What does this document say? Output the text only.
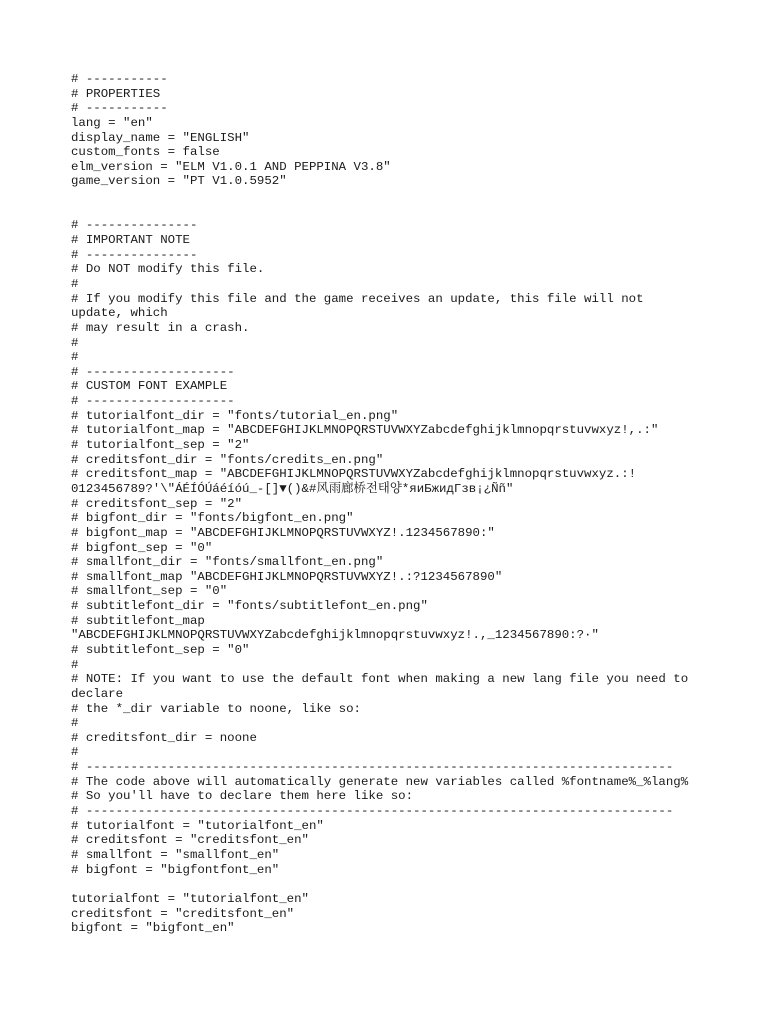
# -----------
# PROPERTIES
# -----------
lang = "en"
display_name = "ENGLISH"
custom_fonts = false
elm_version = "ELM V1.0.1 AND PEPPINA V3.8"
game_version = "PT V1.0.5952"
# ---------------
# IMPORTANT NOTE
# ---------------
# Do NOT modify this file.
#
# If you modify this file and the game receives an update, this file will not
update, which
# may result in a crash.
#
#
# --------------------
# CUSTOM FONT EXAMPLE
# --------------------
# tutorialfont_dir = "fonts/tutorial_en.png"
# tutorialfont_map = "ABCDEFGHIJKLMNOPQRSTUVWXYZabcdefghijklmnopqrstuvwxyz!,.:"
# tutorialfont_sep = "2"
# creditsfont_dir = "fonts/credits_en.png"
# creditsfont_map = "ABCDEFGHIJKLMNOPQRSTUVWXYZabcdefghijklmnopqrstuvwxyz.:!
0123456789?'\"ÁÉÍÓÚáéíóú_-[]▼()&#风雨廊桥전태양*яиБжидГзв¡¿Ññ"
# creditsfont_sep = "2"
# bigfont_dir = "fonts/bigfont_en.png"
# bigfont_map = "ABCDEFGHIJKLMNOPQRSTUVWXYZ!.1234567890:"
# bigfont_sep = "0"
# smallfont_dir = "fonts/smallfont_en.png"
# smallfont_map "ABCDEFGHIJKLMNOPQRSTUVWXYZ!.:?1234567890"
# smallfont_sep = "0"
# subtitlefont_dir = "fonts/subtitlefont_en.png"
# subtitlefont_map
"ABCDEFGHIJKLMNOPQRSTUVWXYZabcdefghijklmnopqrstuvwxyz!.,_1234567890:?·"
# subtitlefont_sep = "0"
#
# NOTE: If you want to use the default font when making a new lang file you need to
declare
# the *_dir variable to noone, like so:
#
# creditsfont_dir = noone
#
# -------------------------------------------------------------------------------
# The code above will automatically generate new variables called %fontname%_%lang%
# So you'll have to declare them here like so:
# -------------------------------------------------------------------------------
# tutorialfont = "tutorialfont_en"
# creditsfont = "creditsfont_en"
# smallfont = "smallfont_en"
# bigfont = "bigfontfont_en"
tutorialfont = "tutorialfont_en"
creditsfont = "creditsfont_en"
bigfont = "bigfont_en"
